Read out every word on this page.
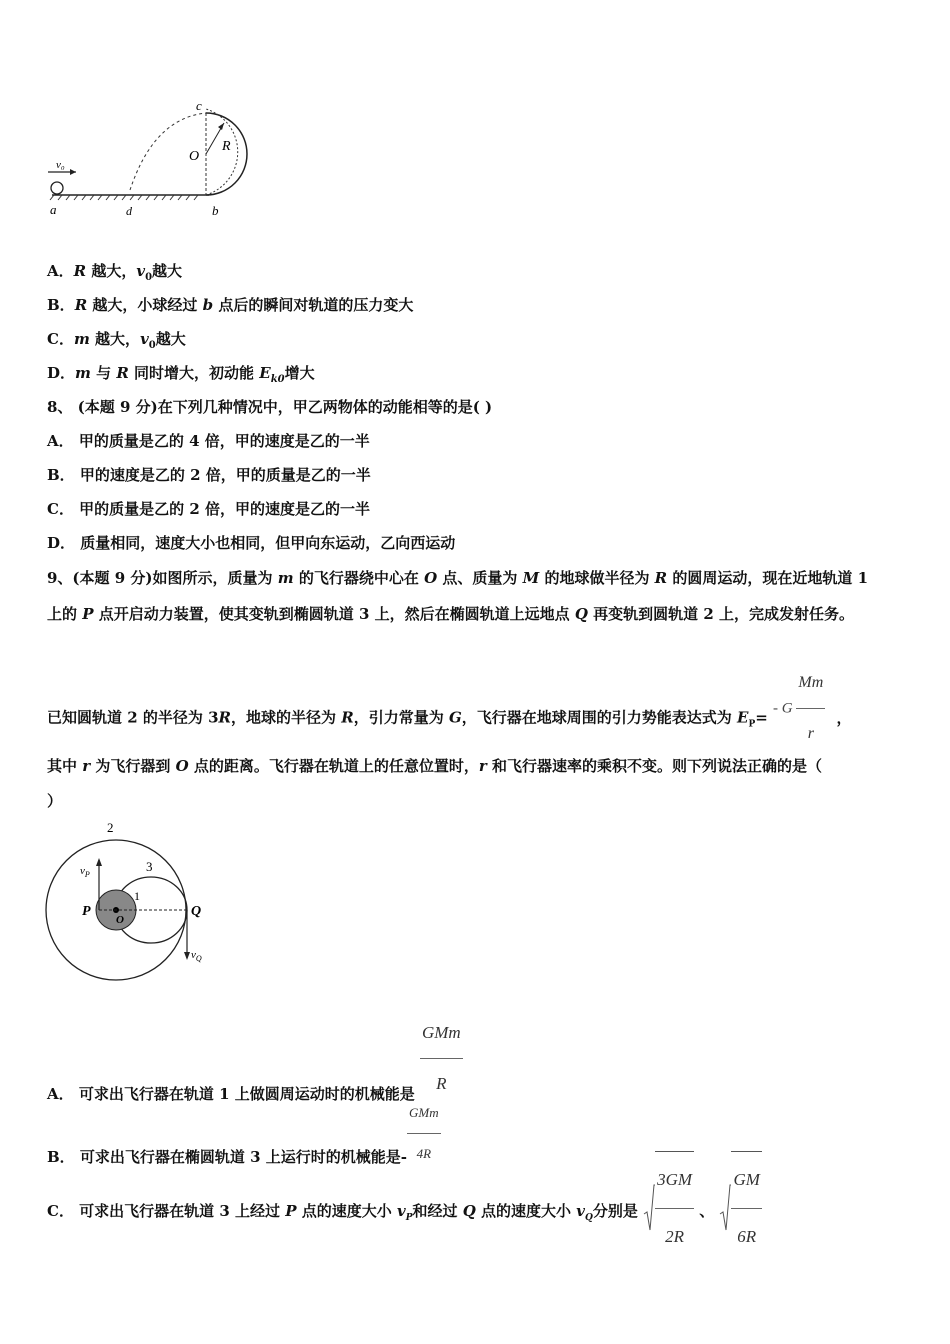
v₀
c
O
R
a	d	b
A．R 越大，$v_0$越大
B．R 越大，小球经过 b 点后的瞬间对轨道的压力变大
C．m 越大，$v_0$越大
D．m 与 R 同时增大，初动能 $E_{k0}$增大
8、 (本题 9 分)在下列几种情况中，甲乙两物体的动能相等的是( )
A． 甲的质量是乙的 4 倍，甲的速度是乙的一半
B． 甲的速度是乙的 2 倍，甲的质量是乙的一半
C． 甲的质量是乙的 2 倍，甲的速度是乙的一半
D． 质量相同，速度大小也相同，但甲向东运动，乙向西运动
9、(本题 9 分)如图所示，质量为 m 的飞行器绕中心在 O 点、质量为 M 的地球做半径为 R 的圆周运动，现在近地轨道 1
上的 P 点开启动力装置，使其变轨到椭圆轨道 3 上，然后在椭圆轨道上远地点 Q 再变轨到圆轨道 2 上，完成发射任务。
已知圆轨道 2 的半径为 3R，地球的半径为 R，引力常量为 G，飞行器在地球周围的引力势能表达式为 $E_P= - G \frac{Mm}{r}$ ，
其中 r 为飞行器到 O 点的距离。飞行器在轨道上的任意位置时，r 和飞行器速率的乘积不变。则下列说法正确的是（
）
2
3
1
$v_P$
P
O
Q
$v_Q$
A． 可求出飞行器在轨道 1 上做圆周运动时的机械能是 $\frac{\text{GMm}}{R}$
B． 可求出飞行器在椭圆轨道 3 上运行时的机械能是- $\frac{\text{GMm}}{4R}$
C． 可求出飞行器在轨道 3 上经过 P 点的速度大小 $v_P$和经过 Q 点的速度大小 $v_Q$分别是 $\frac{3GM}{2R}$ 、 $\frac{GM}{6R}$
